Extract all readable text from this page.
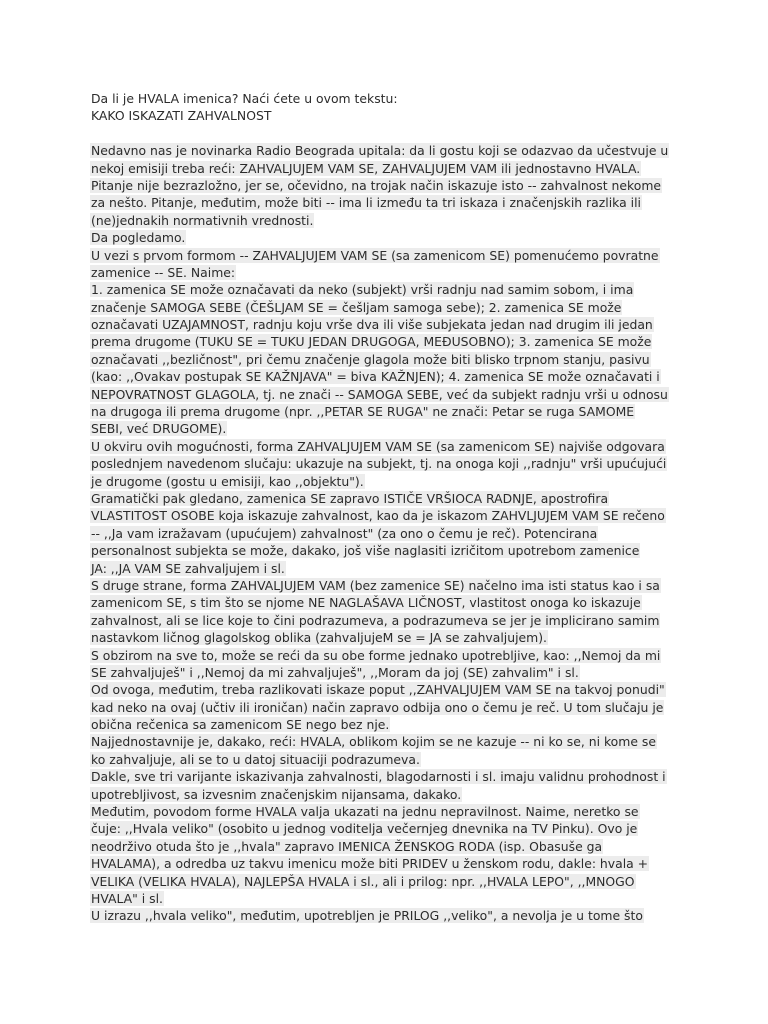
Da li je HVALA imenica? Naći ćete u ovom tekstu:
KAKO ISKAZATI ZAHVALNOST
Nedavno nas je novinarka Radio Beograda upitala: da li gostu koji se odazvao da učestvuje u
nekoj emisiji treba reći: ZAHVALJUJEM VAM SE, ZAHVALJUJEM VAM ili jednostavno HVALA.
Pitanje nije bezrazložno, jer se, očevidno, na trojak način iskazuje isto -- zahvalnost nekome
za nešto. Pitanje, međutim, može biti -- ima li između ta tri iskaza i značenjskih razlika ili
(ne)jednakih normativnih vrednosti.
Da pogledamo.
U vezi s prvom formom -- ZAHVALJUJEM VAM SE (sa zamenicom SE) pomenućemo povratne
zamenice -- SE. Naime:
1. zamenica SE može označavati da neko (subjekt) vrši radnju nad samim sobom, i ima
značenje SAMOGA SEBE (ČEŠLJAM SE = češljam samoga sebe); 2. zamenica SE može
označavati UZAJAMNOST, radnju koju vrše dva ili više subjekata jedan nad drugim ili jedan
prema drugome (TUKU SE = TUKU JEDAN DRUGOGA, MEĐUSOBNO); 3. zamenica SE može
označavati ,,bezličnost", pri čemu značenje glagola može biti blisko trpnom stanju, pasivu
(kao: ,,Ovakav postupak SE KAŽNJAVA" = biva KAŽNJEN); 4. zamenica SE može označavati i
NEPOVRATNOST GLAGOLA, tj. ne znači -- SAMOGA SEBE, već da subjekt radnju vrši u odnosu
na drugoga ili prema drugome (npr. ,,PETAR SE RUGA" ne znači: Petar se ruga SAMOME
SEBI, već DRUGOME).
U okviru ovih mogućnosti, forma ZAHVALJUJEM VAM SE (sa zamenicom SE) najviše odgovara
poslednjem navedenom slučaju: ukazuje na subjekt, tj. na onoga koji ,,radnju" vrši upućujući
je drugome (gostu u emisiji, kao ,,objektu").
Gramatički pak gledano, zamenica SE zapravo ISTIČE VRŠIOCA RADNJE, apostrofira
VLASTITOST OSOBE koja iskazuje zahvalnost, kao da je iskazom ZAHVLJUJEM VAM SE rečeno
-- ,,Ja vam izražavam (upućujem) zahvalnost" (za ono o čemu je reč). Potencirana
personalnost subjekta se može, dakako, još više naglasiti izričitom upotrebom zamenice
JA: ,,JA VAM SE zahvaljujem i sl.
S druge strane, forma ZAHVALJUJEM VAM (bez zamenice SE) načelno ima isti status kao i sa
zamenicom SE, s tim što se njome NE NAGLAŠAVA LIČNOST, vlastitost onoga ko iskazuje
zahvalnost, ali se lice koje to čini podrazumeva, a podrazumeva se jer je implicirano samim
nastavkom ličnog glagolskog oblika (zahvaljujeM se = JA se zahvaljujem).
S obzirom na sve to, može se reći da su obe forme jednako upotrebljive, kao: ,,Nemoj da mi
SE zahvaljuješ" i ,,Nemoj da mi zahvaljuješ", ,,Moram da joj (SE) zahvalim" i sl.
Od ovoga, međutim, treba razlikovati iskaze poput ,,ZAHVALJUJEM VAM SE na takvoj ponudi"
kad neko na ovaj (učtiv ili ironičan) način zapravo odbija ono o čemu je reč. U tom slučaju je
obična rečenica sa zamenicom SE nego bez nje.
Najjednostavnije je, dakako, reći: HVALA, oblikom kojim se ne kazuje -- ni ko se, ni kome se
ko zahvaljuje, ali se to u datoj situaciji podrazumeva.
Dakle, sve tri varijante iskazivanja zahvalnosti, blagodarnosti i sl. imaju validnu prohodnost i
upotrebljivost, sa izvesnim značenjskim nijansama, dakako.
Međutim, povodom forme HVALA valja ukazati na jednu nepravilnost. Naime, neretko se
čuje: ,,Hvala veliko" (osobito u jednog voditelja večernjeg dnevnika na TV Pinku). Ovo je
neodrživo otuda što je ,,hvala" zapravo IMENICA ŽENSKOG RODA (isp. Obasuše ga
HVALAMA), a odredba uz takvu imenicu može biti PRIDEV u ženskom rodu, dakle: hvala +
VELIKA (VELIKA HVALA), NAJLEPŠA HVALA i sl., ali i prilog: npr. ,,HVALA LEPO", ,,MNOGO
HVALA" i sl.
U izrazu ,,hvala veliko", međutim, upotrebljen je PRILOG ,,veliko", a nevolja je u tome što
